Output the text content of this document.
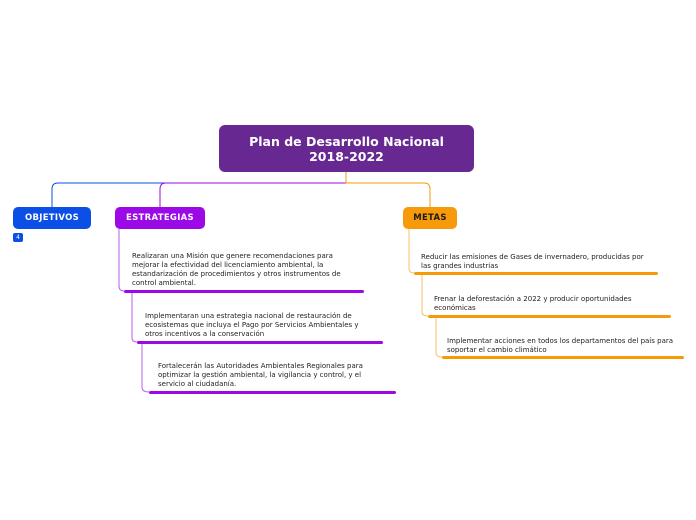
Plan de Desarrollo Nacional 2018-2022
OBJETIVOS
4
ESTRATEGIAS	METAS
Realizaran una Misión que genere recomendaciones para mejorar la efectividad del licenciamiento ambiental, la estandarización de procedimientos y otros instrumentos de control ambiental.
Implementaran una estrategia nacional de restauración de ecosistemas que incluya el Pago por Servicios Ambientales y otros incentivos a la conservación
Fortalecerán las Autoridades Ambientales Regionales para optimizar la gestión ambiental, la vigilancia y control, y el servicio al ciudadanía.
Reducir las emisiones de Gases de invernadero, producidas por las grandes industrias
Frenar la deforestación a 2022 y producir oportunidades económicas
Implementar acciones en todos los departamentos del país para soportar el cambio climático
